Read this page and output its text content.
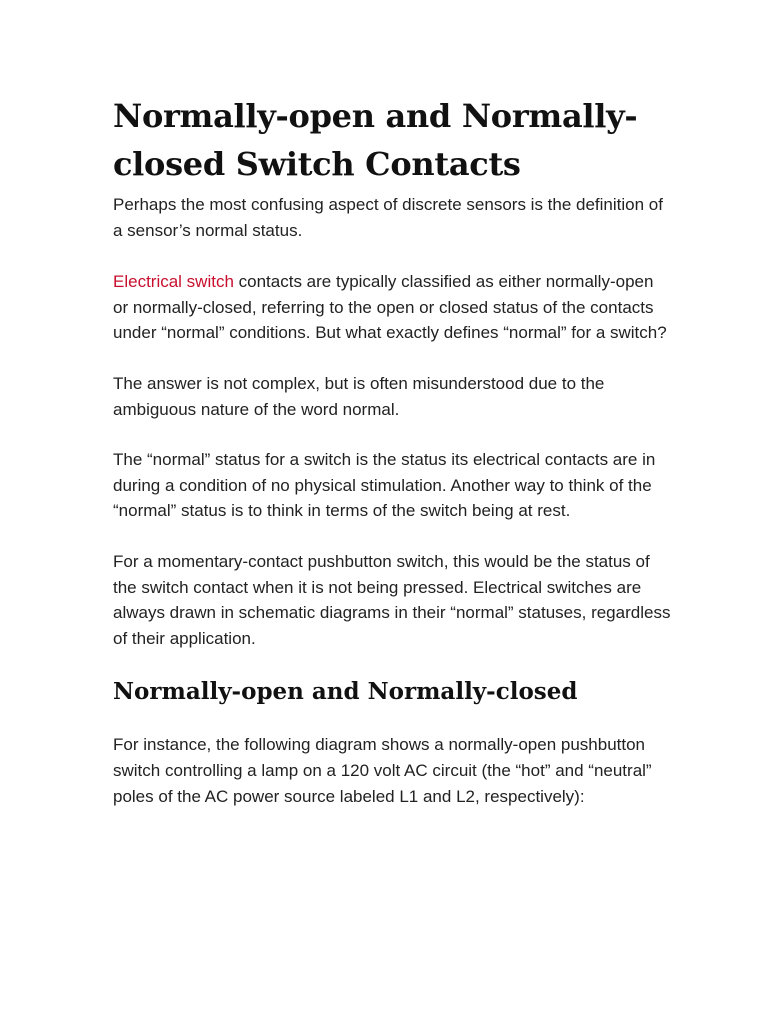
Normally-open and Normally-closed Switch Contacts

Perhaps the most confusing aspect of discrete sensors is the definition of a sensor’s normal status.

Electrical switch contacts are typically classified as either normally-open or normally-closed, referring to the open or closed status of the contacts under “normal” conditions. But what exactly defines “normal” for a switch?

The answer is not complex, but is often misunderstood due to the ambiguous nature of the word normal.

The “normal” status for a switch is the status its electrical contacts are in during a condition of no physical stimulation. Another way to think of the “normal” status is to think in terms of the switch being at rest.

For a momentary-contact pushbutton switch, this would be the status of the switch contact when it is not being pressed. Electrical switches are always drawn in schematic diagrams in their “normal” statuses, regardless of their application.

Normally-open and Normally-closed

For instance, the following diagram shows a normally-open pushbutton switch controlling a lamp on a 120 volt AC circuit (the “hot” and “neutral” poles of the AC power source labeled L1 and L2, respectively):
